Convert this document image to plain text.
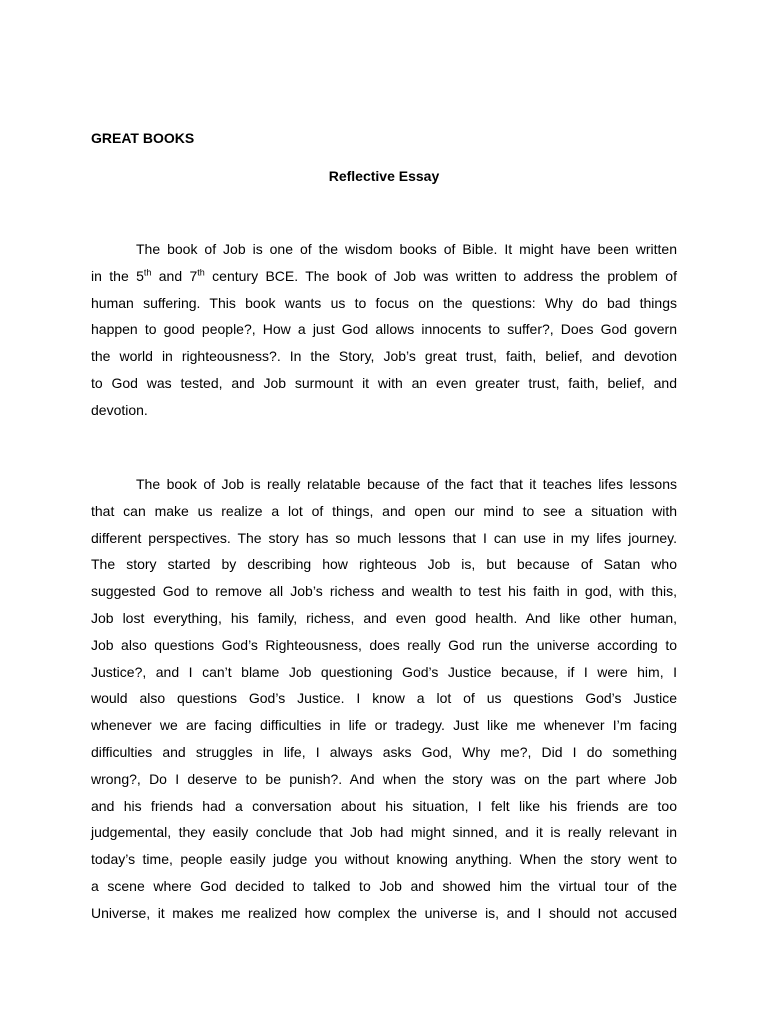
GREAT BOOKS
Reflective Essay
The book of Job is one of the wisdom books of Bible. It might have been written
in the 5th and 7th century BCE. The book of Job was written to address the problem of
human suffering. This book wants us to focus on the questions: Why do bad things
happen to good people?, How a just God allows innocents to suffer?, Does God govern
the world in righteousness?. In the Story, Job’s great trust, faith, belief, and devotion
to God was tested, and Job surmount it with an even greater trust, faith, belief, and
devotion.
The book of Job is really relatable because of the fact that it teaches lifes lessons
that can make us realize a lot of things, and open our mind to see a situation with
different perspectives. The story has so much lessons that I can use in my lifes journey.
The story started by describing how righteous Job is, but because of Satan who
suggested God to remove all Job’s richess and wealth to test his faith in god, with this,
Job lost everything, his family, richess, and even good health. And like other human,
Job also questions God’s Righteousness, does really God run the universe according to
Justice?, and I can’t blame Job questioning God’s Justice because, if I were him, I
would also questions God’s Justice. I know a lot of us questions God’s Justice
whenever we are facing difficulties in life or tradegy. Just like me whenever I’m facing
difficulties and struggles in life, I always asks God, Why me?, Did I do something
wrong?, Do I deserve to be punish?. And when the story was on the part where Job
and his friends had a conversation about his situation, I felt like his friends are too
judgemental, they easily conclude that Job had might sinned, and it is really relevant in
today’s time, people easily judge you without knowing anything. When the story went to
a scene where God decided to talked to Job and showed him the virtual tour of the
Universe, it makes me realized how complex the universe is, and I should not accused
